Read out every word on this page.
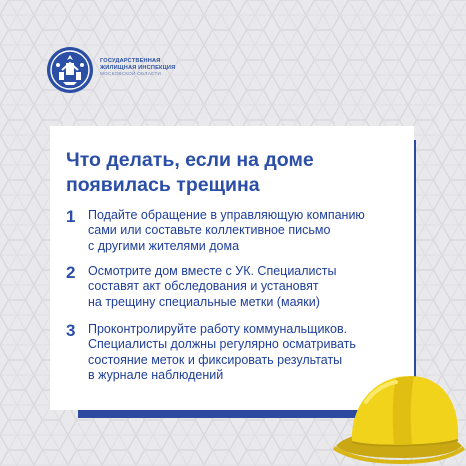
ГОСУДАРСТВЕННАЯ
ЖИЛИЩНАЯ ИНСПЕКЦИЯ
МОСКОВСКОЙ ОБЛАСТИ
Что делать, если на доме
появилась трещина
1 Подайте обращение в управляющую компанию
сами или составьте коллективное письмо
с другими жителями дома
2 Осмотрите дом вместе с УК. Специалисты
составят акт обследования и установят
на трещину специальные метки (маяки)
3 Проконтролируйте работу коммунальщиков.
Специалисты должны регулярно осматривать
состояние меток и фиксировать результаты
в журнале наблюдений
